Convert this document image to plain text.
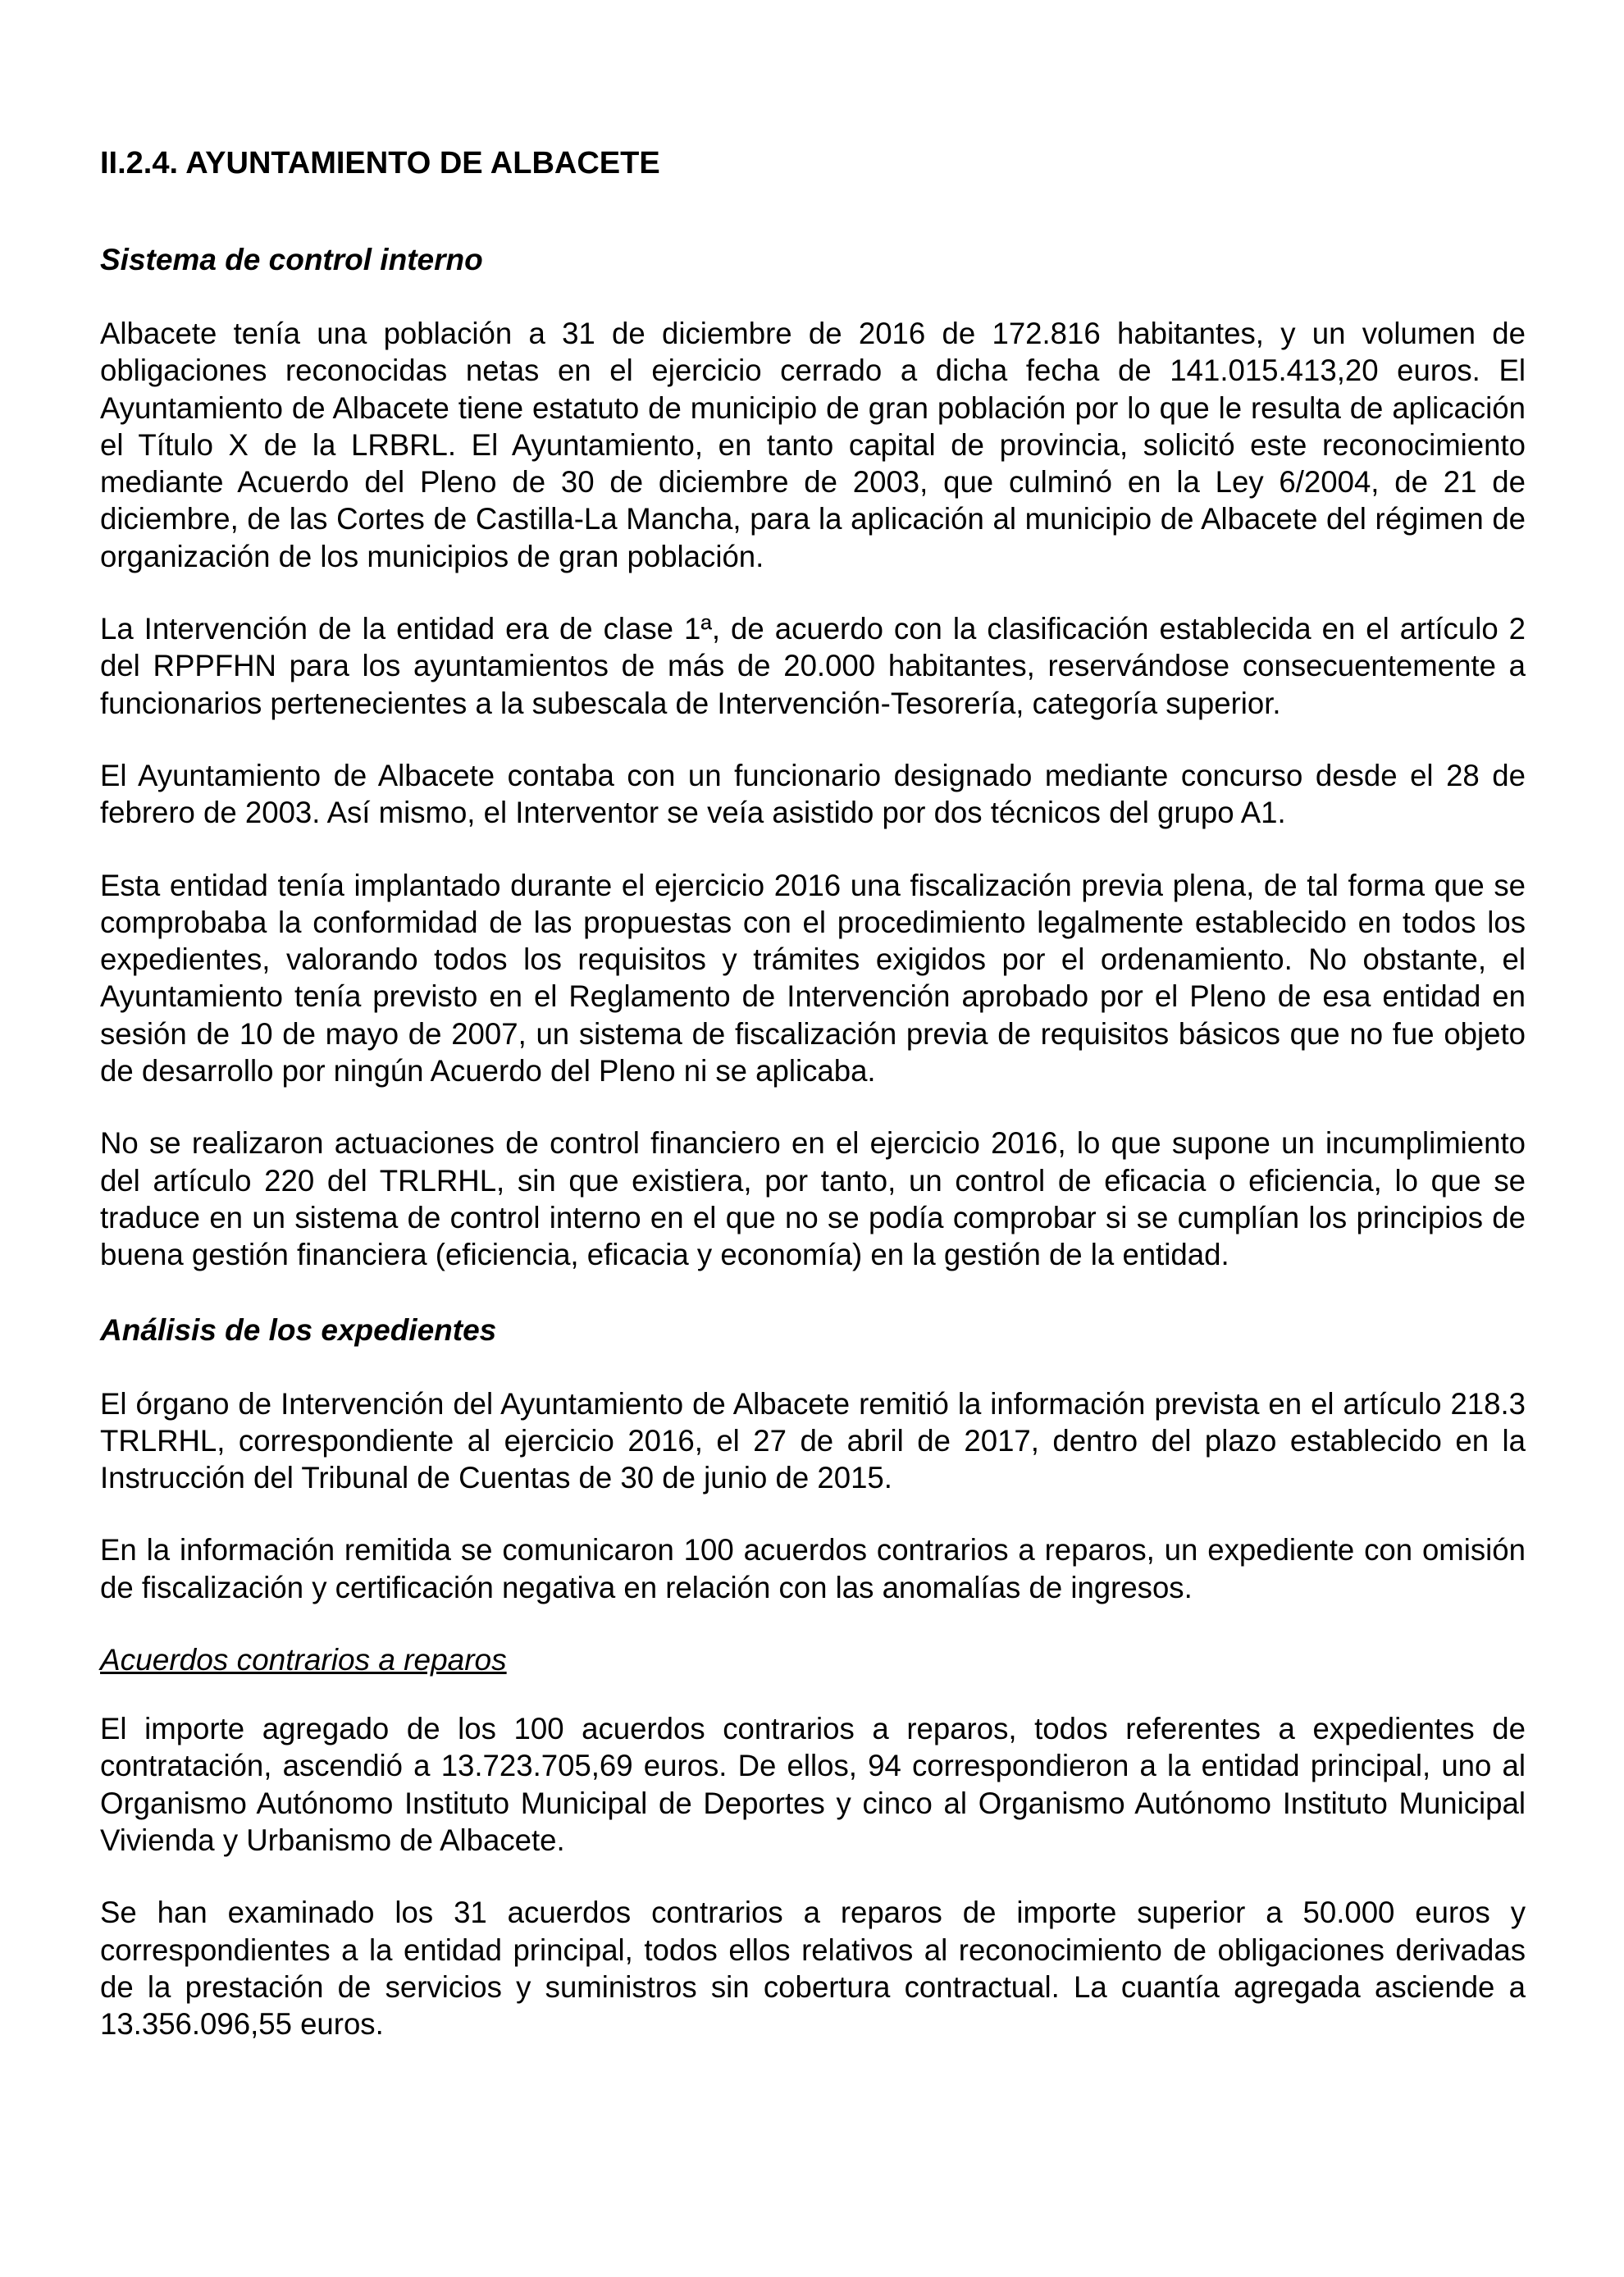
II.2.4. AYUNTAMIENTO DE ALBACETE
Sistema de control interno

Albacete tenía una población a 31 de diciembre de 2016 de 172.816 habitantes, y un volumen de obligaciones reconocidas netas en el ejercicio cerrado a dicha fecha de 141.015.413,20 euros. El Ayuntamiento de Albacete tiene estatuto de municipio de gran población por lo que le resulta de aplicación el Título X de la LRBRL. El Ayuntamiento, en tanto capital de provincia, solicitó este reconocimiento mediante Acuerdo del Pleno de 30 de diciembre de 2003, que culminó en la Ley 6/2004, de 21 de diciembre, de las Cortes de Castilla-La Mancha, para la aplicación al municipio de Albacete del régimen de organización de los municipios de gran población.

La Intervención de la entidad era de clase 1ª, de acuerdo con la clasificación establecida en el artículo 2 del RPPFHN para los ayuntamientos de más de 20.000 habitantes, reservándose consecuentemente a funcionarios pertenecientes a la subescala de Intervención-Tesorería, categoría superior.

El Ayuntamiento de Albacete contaba con un funcionario designado mediante concurso desde el 28 de febrero de 2003. Así mismo, el Interventor se veía asistido por dos técnicos del grupo A1.

Esta entidad tenía implantado durante el ejercicio 2016 una fiscalización previa plena, de tal forma que se comprobaba la conformidad de las propuestas con el procedimiento legalmente establecido en todos los expedientes, valorando todos los requisitos y trámites exigidos por el ordenamiento. No obstante, el Ayuntamiento tenía previsto en el Reglamento de Intervención aprobado por el Pleno de esa entidad en sesión de 10 de mayo de 2007, un sistema de fiscalización previa de requisitos básicos que no fue objeto de desarrollo por ningún Acuerdo del Pleno ni se aplicaba.

No se realizaron actuaciones de control financiero en el ejercicio 2016, lo que supone un incumplimiento del artículo 220 del TRLRHL, sin que existiera, por tanto, un control de eficacia o eficiencia, lo que se traduce en un sistema de control interno en el que no se podía comprobar si se cumplían los principios de buena gestión financiera (eficiencia, eficacia y economía) en la gestión de la entidad.

Análisis de los expedientes

El órgano de Intervención del Ayuntamiento de Albacete remitió la información prevista en el artículo 218.3 TRLRHL, correspondiente al ejercicio 2016, el 27 de abril de 2017, dentro del plazo establecido en la Instrucción del Tribunal de Cuentas de 30 de junio de 2015.

En la información remitida se comunicaron 100 acuerdos contrarios a reparos, un expediente con omisión de fiscalización y certificación negativa en relación con las anomalías de ingresos.

Acuerdos contrarios a reparos

El importe agregado de los 100 acuerdos contrarios a reparos, todos referentes a expedientes de contratación, ascendió a 13.723.705,69 euros. De ellos, 94 correspondieron a la entidad principal, uno al Organismo Autónomo Instituto Municipal de Deportes y cinco al Organismo Autónomo Instituto Municipal Vivienda y Urbanismo de Albacete.

Se han examinado los 31 acuerdos contrarios a reparos de importe superior a 50.000 euros y correspondientes a la entidad principal, todos ellos relativos al reconocimiento de obligaciones derivadas de la prestación de servicios y suministros sin cobertura contractual. La cuantía agregada asciende a 13.356.096,55 euros.
